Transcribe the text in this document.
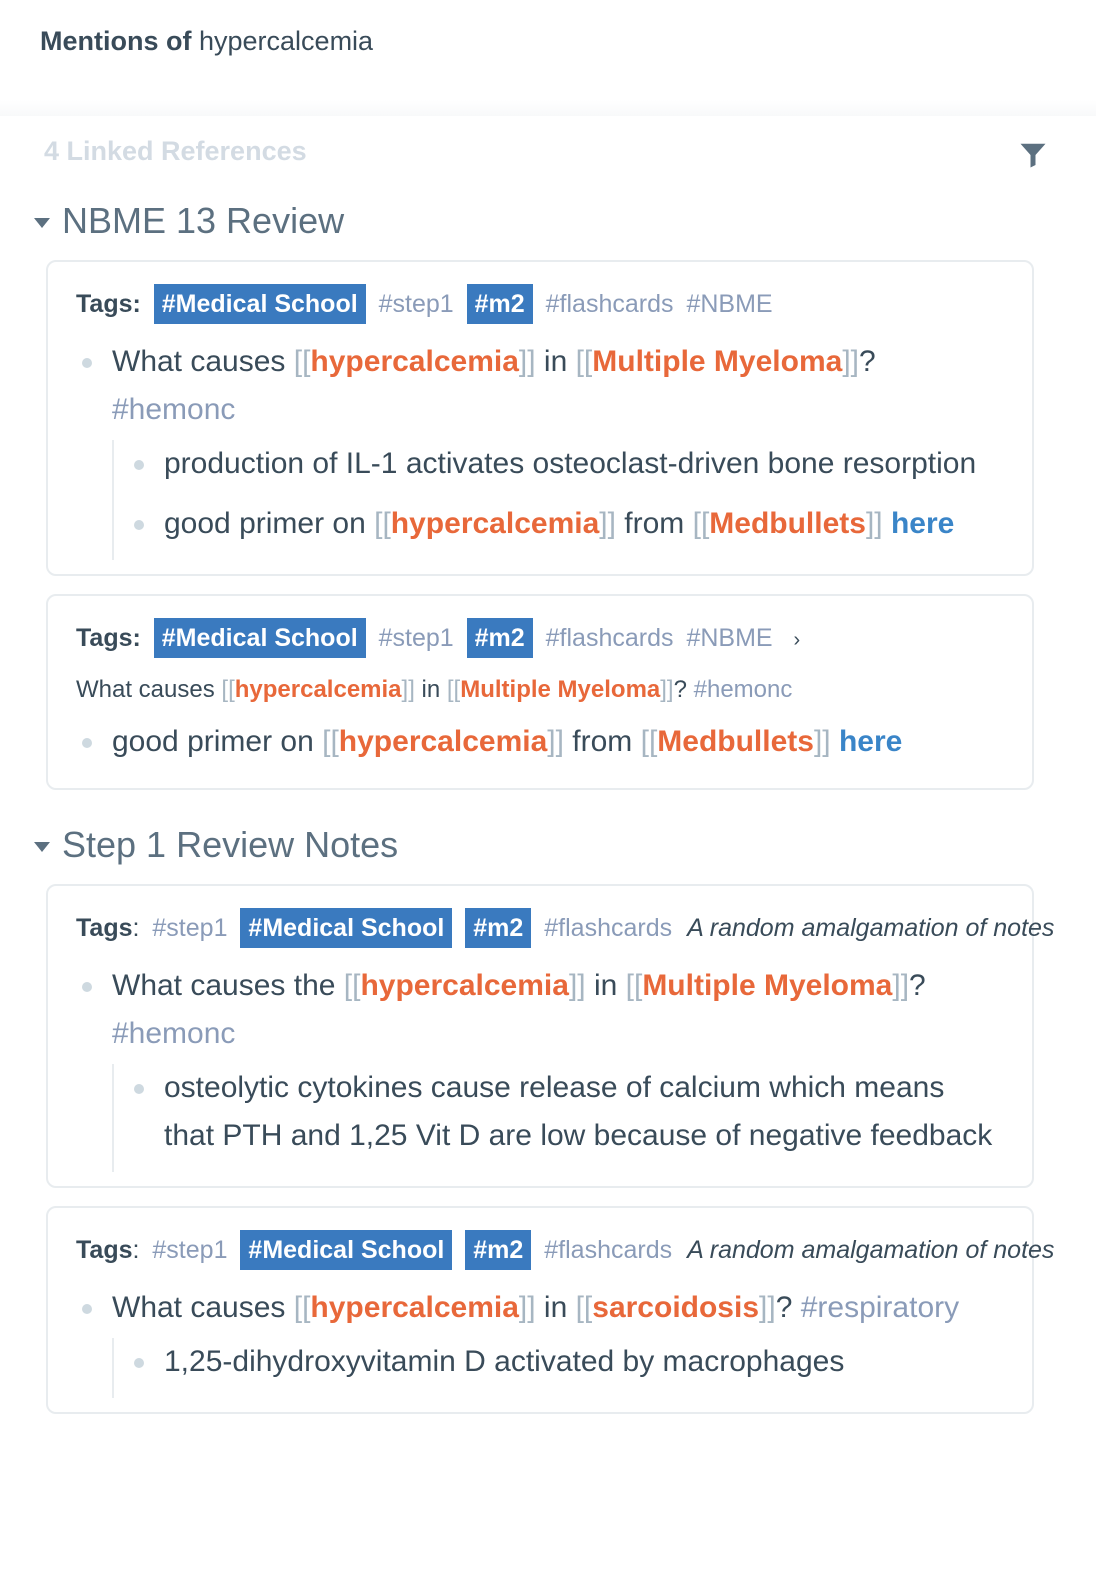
Mentions of hypercalcemia
4 Linked References
NBME 13 Review
Tags: #Medical School #step1 #m2 #flashcards #NBME
What causes [[hypercalcemia]] in [[Multiple Myeloma]]?
#hemonc
production of IL-1 activates osteoclast-driven bone resorption
good primer on [[hypercalcemia]] from [[Medbullets]] here
Tags: #Medical School #step1 #m2 #flashcards #NBME ›
What causes [[hypercalcemia]] in [[Multiple Myeloma]]? #hemonc
good primer on [[hypercalcemia]] from [[Medbullets]] here
Step 1 Review Notes
Tags: #step1 #Medical School #m2 #flashcards A random amalgamation of notes
What causes the [[hypercalcemia]] in [[Multiple Myeloma]]?
#hemonc
osteolytic cytokines cause release of calcium which means that PTH and 1,25 Vit D are low because of negative feedback
Tags: #step1 #Medical School #m2 #flashcards A random amalgamation of notes
What causes [[hypercalcemia]] in [[sarcoidosis]]? #respiratory
1,25-dihydroxyvitamin D activated by macrophages
